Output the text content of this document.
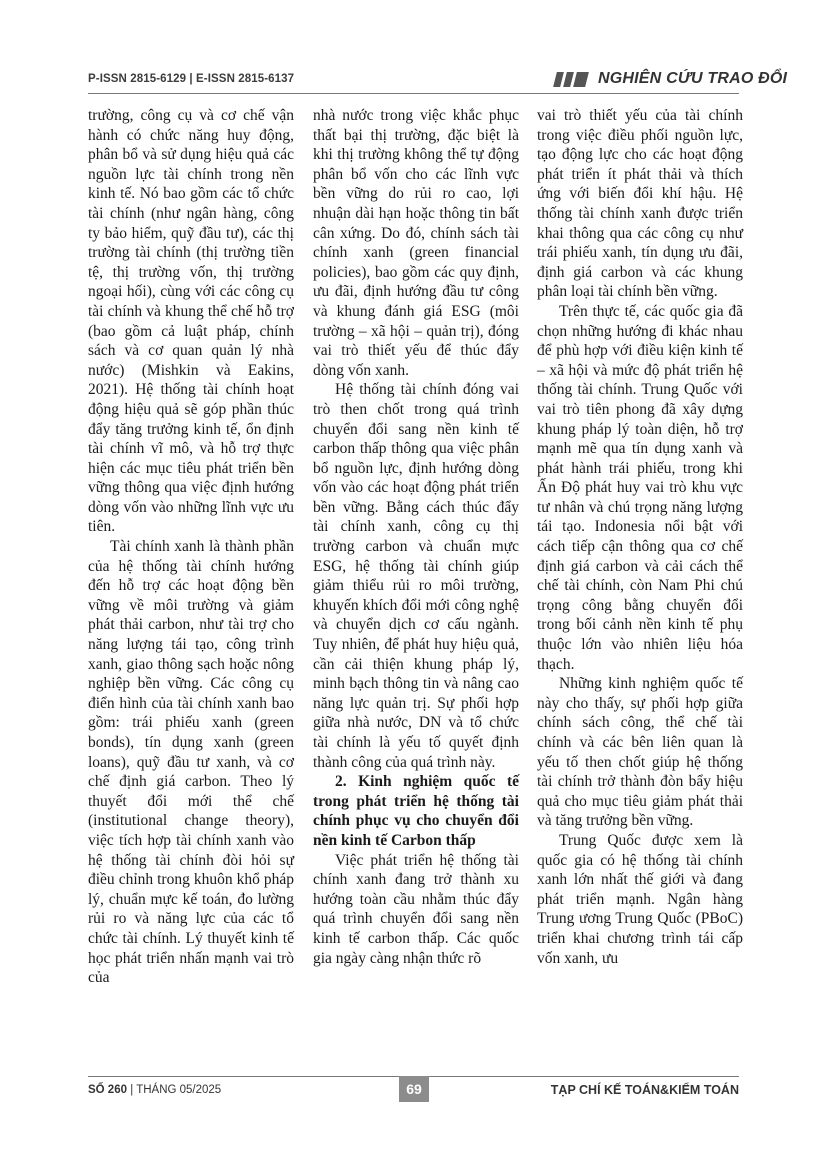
P-ISSN 2815-6129 | E-ISSN 2815-6137	NGHIÊN CỨU TRAO ĐỔI

trường, công cụ và cơ chế vận hành có chức năng huy động, phân bổ và sử dụng hiệu quả các nguồn lực tài chính trong nền kinh tế. Nó bao gồm các tổ chức tài chính (như ngân hàng, công ty bảo hiểm, quỹ đầu tư), các thị trường tài chính (thị trường tiền tệ, thị trường vốn, thị trường ngoại hối), cùng với các công cụ tài chính và khung thể chế hỗ trợ (bao gồm cả luật pháp, chính sách và cơ quan quản lý nhà nước) (Mishkin và Eakins, 2021). Hệ thống tài chính hoạt động hiệu quả sẽ góp phần thúc đẩy tăng trưởng kinh tế, ổn định tài chính vĩ mô, và hỗ trợ thực hiện các mục tiêu phát triển bền vững thông qua việc định hướng dòng vốn vào những lĩnh vực ưu tiên.

Tài chính xanh là thành phần của hệ thống tài chính hướng đến hỗ trợ các hoạt động bền vững về môi trường và giảm phát thải carbon, như tài trợ cho năng lượng tái tạo, công trình xanh, giao thông sạch hoặc nông nghiệp bền vững. Các công cụ điển hình của tài chính xanh bao gồm: trái phiếu xanh (green bonds), tín dụng xanh (green loans), quỹ đầu tư xanh, và cơ chế định giá carbon. Theo lý thuyết đổi mới thể chế (institutional change theory), việc tích hợp tài chính xanh vào hệ thống tài chính đòi hỏi sự điều chỉnh trong khuôn khổ pháp lý, chuẩn mực kế toán, đo lường rủi ro và năng lực của các tổ chức tài chính. Lý thuyết kinh tế học phát triển nhấn mạnh vai trò của

nhà nước trong việc khắc phục thất bại thị trường, đặc biệt là khi thị trường không thể tự động phân bổ vốn cho các lĩnh vực bền vững do rủi ro cao, lợi nhuận dài hạn hoặc thông tin bất cân xứng. Do đó, chính sách tài chính xanh (green financial policies), bao gồm các quy định, ưu đãi, định hướng đầu tư công và khung đánh giá ESG (môi trường – xã hội – quản trị), đóng vai trò thiết yếu để thúc đẩy dòng vốn xanh.

Hệ thống tài chính đóng vai trò then chốt trong quá trình chuyển đổi sang nền kinh tế carbon thấp thông qua việc phân bổ nguồn lực, định hướng dòng vốn vào các hoạt động phát triển bền vững. Bằng cách thúc đẩy tài chính xanh, công cụ thị trường carbon và chuẩn mực ESG, hệ thống tài chính giúp giảm thiểu rủi ro môi trường, khuyến khích đổi mới công nghệ và chuyển dịch cơ cấu ngành. Tuy nhiên, để phát huy hiệu quả, cần cải thiện khung pháp lý, minh bạch thông tin và nâng cao năng lực quản trị. Sự phối hợp giữa nhà nước, DN và tổ chức tài chính là yếu tố quyết định thành công của quá trình này.

2. Kinh nghiệm quốc tế trong phát triển hệ thống tài chính phục vụ cho chuyển đổi nền kinh tế Carbon thấp

Việc phát triển hệ thống tài chính xanh đang trở thành xu hướng toàn cầu nhằm thúc đẩy quá trình chuyển đổi sang nền kinh tế carbon thấp. Các quốc gia ngày càng nhận thức rõ

vai trò thiết yếu của tài chính trong việc điều phối nguồn lực, tạo động lực cho các hoạt động phát triển ít phát thải và thích ứng với biến đổi khí hậu. Hệ thống tài chính xanh được triển khai thông qua các công cụ như trái phiếu xanh, tín dụng ưu đãi, định giá carbon và các khung phân loại tài chính bền vững.

Trên thực tế, các quốc gia đã chọn những hướng đi khác nhau để phù hợp với điều kiện kinh tế – xã hội và mức độ phát triển hệ thống tài chính. Trung Quốc với vai trò tiên phong đã xây dựng khung pháp lý toàn diện, hỗ trợ mạnh mẽ qua tín dụng xanh và phát hành trái phiếu, trong khi Ấn Độ phát huy vai trò khu vực tư nhân và chú trọng năng lượng tái tạo. Indonesia nổi bật với cách tiếp cận thông qua cơ chế định giá carbon và cải cách thể chế tài chính, còn Nam Phi chú trọng công bằng chuyển đổi trong bối cảnh nền kinh tế phụ thuộc lớn vào nhiên liệu hóa thạch.

Những kinh nghiệm quốc tế này cho thấy, sự phối hợp giữa chính sách công, thể chế tài chính và các bên liên quan là yếu tố then chốt giúp hệ thống tài chính trở thành đòn bẩy hiệu quả cho mục tiêu giảm phát thải và tăng trưởng bền vững.

Trung Quốc được xem là quốc gia có hệ thống tài chính xanh lớn nhất thế giới và đang phát triển mạnh. Ngân hàng Trung ương Trung Quốc (PBoC) triển khai chương trình tái cấp vốn xanh, ưu

SỐ 260 | THÁNG 05/2025	69	TẠP CHÍ KẾ TOÁN&KIỂM TOÁN
